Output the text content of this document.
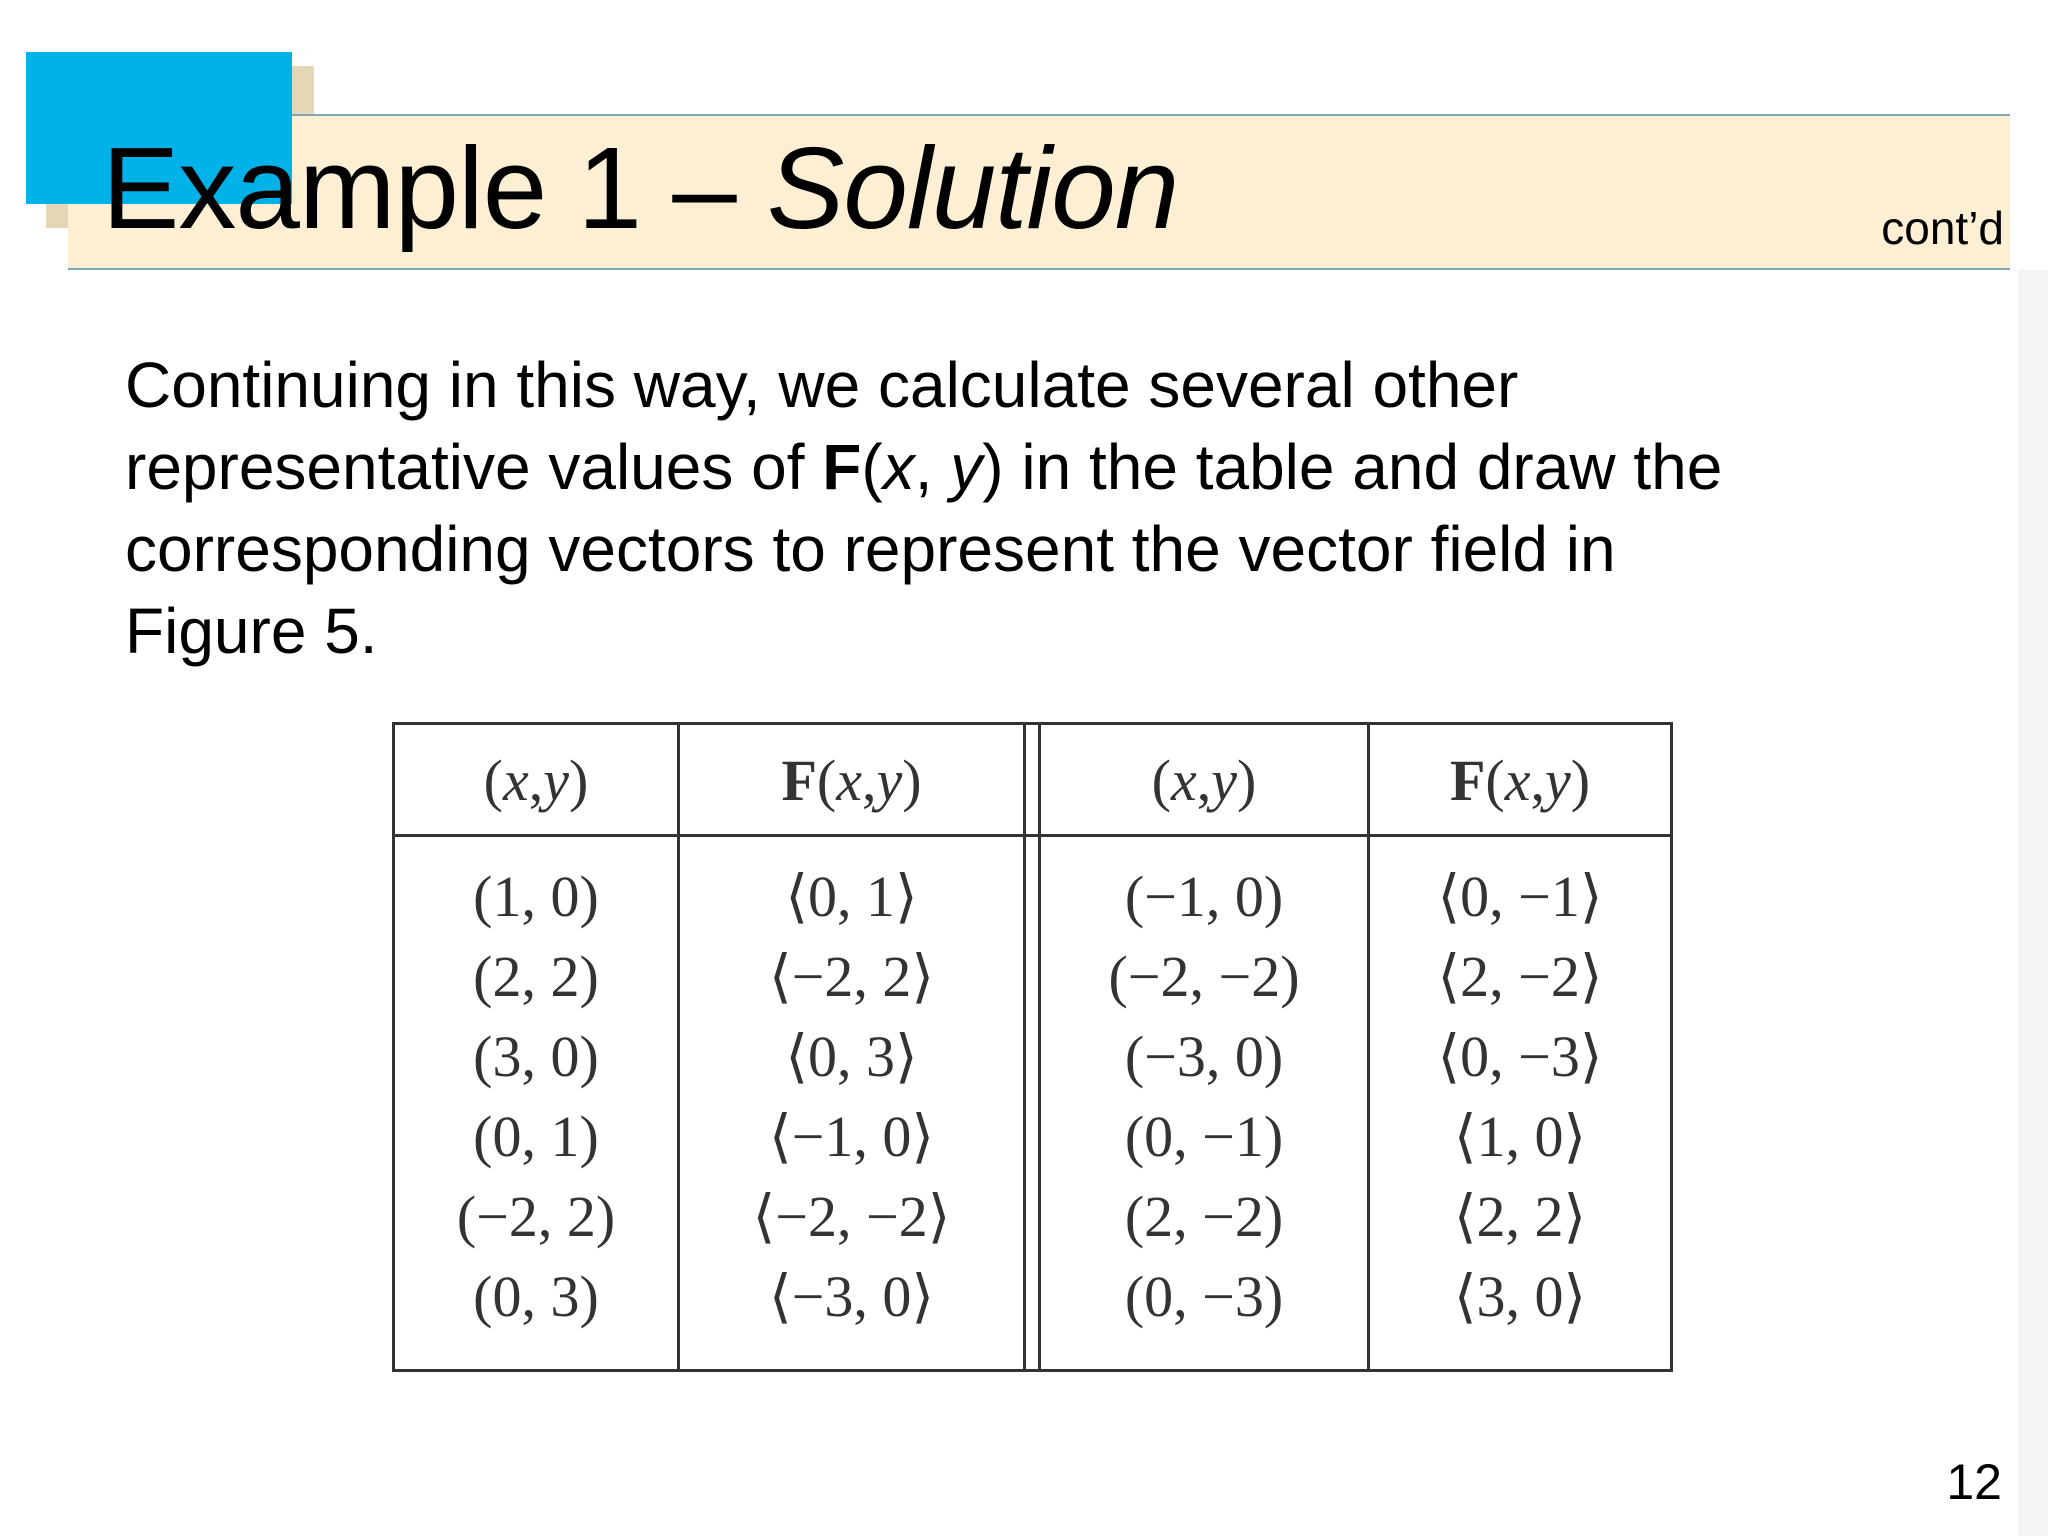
Example 1 – Solution	cont’d

Continuing in this way, we calculate several other
representative values of F(x, y) in the table and draw the
corresponding vectors to represent the vector field in
Figure 5.

( x , y )
(1, 0)
(2, 2)
(3, 0)
(0, 1)
(−2, 2)
(0, 3)
F ( x , y )
⟨0, 1⟩
⟨−2, 2⟩
⟨0, 3⟩
⟨−1, 0⟩
⟨−2, −2⟩
⟨−3, 0⟩
( x , y )
(−1, 0)
(−2, −2)
(−3, 0)
(0, −1)
(2, −2)
(0, −3)
F ( x , y )
⟨0, −1⟩
⟨2, −2⟩
⟨0, −3⟩
⟨1, 0⟩
⟨2, 2⟩
⟨3, 0⟩
12
